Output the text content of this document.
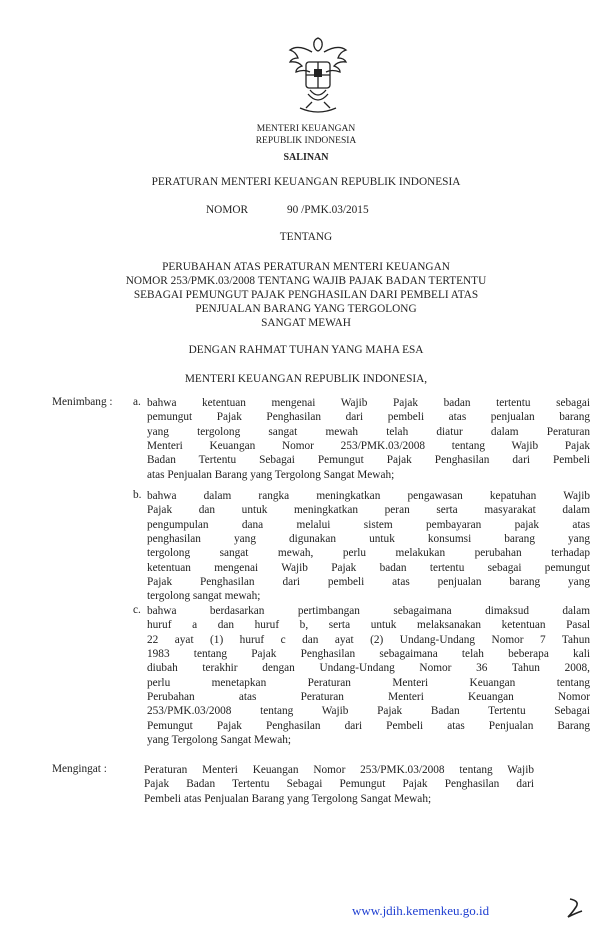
MENTERI KEUANGAN
REPUBLIK INDONESIA
SALINAN
PERATURAN MENTERI KEUANGAN REPUBLIK INDONESIA
NOMOR	90 /PMK.03/2015
TENTANG
PERUBAHAN ATAS PERATURAN MENTERI KEUANGAN
NOMOR 253/PMK.03/2008 TENTANG WAJIB PAJAK BADAN TERTENTU
SEBAGAI PEMUNGUT PAJAK PENGHASILAN DARI PEMBELI ATAS
PENJUALAN BARANG YANG TERGOLONG
SANGAT MEWAH
DENGAN RAHMAT TUHAN YANG MAHA ESA
MENTERI KEUANGAN REPUBLIK INDONESIA,
Menimbang : a. bahwa ketentuan mengenai Wajib Pajak badan tertentu sebagai
pemungut Pajak Penghasilan dari pembeli atas penjualan barang
yang tergolong sangat mewah telah diatur dalam Peraturan
Menteri Keuangan Nomor 253/PMK.03/2008 tentang Wajib Pajak
Badan Tertentu Sebagai Pemungut Pajak Penghasilan dari Pembeli
atas Penjualan Barang yang Tergolong Sangat Mewah;
b. bahwa dalam rangka meningkatkan pengawasan kepatuhan Wajib
Pajak dan untuk meningkatkan peran serta masyarakat dalam
pengumpulan dana melalui sistem pembayaran pajak atas
penghasilan yang digunakan untuk konsumsi barang yang
tergolong sangat mewah, perlu melakukan perubahan terhadap
ketentuan mengenai Wajib Pajak badan tertentu sebagai pemungut
Pajak Penghasilan dari pembeli atas penjualan barang yang
tergolong sangat mewah;
c. bahwa berdasarkan pertimbangan sebagaimana dimaksud dalam
huruf a dan huruf b, serta untuk melaksanakan ketentuan Pasal
22 ayat (1) huruf c dan ayat (2) Undang-Undang Nomor 7 Tahun
1983 tentang Pajak Penghasilan sebagaimana telah beberapa kali
diubah terakhir dengan Undang-Undang Nomor 36 Tahun 2008,
perlu menetapkan Peraturan Menteri Keuangan tentang
Perubahan atas Peraturan Menteri Keuangan Nomor
253/PMK.03/2008 tentang Wajib Pajak Badan Tertentu Sebagai
Pemungut Pajak Penghasilan dari Pembeli atas Penjualan Barang
yang Tergolong Sangat Mewah;
Mengingat :	Peraturan Menteri Keuangan Nomor 253/PMK.03/2008 tentang Wajib
Pajak Badan Tertentu Sebagai Pemungut Pajak Penghasilan dari
Pembeli atas Penjualan Barang yang Tergolong Sangat Mewah;
www.jdih.kemenkeu.go.id
